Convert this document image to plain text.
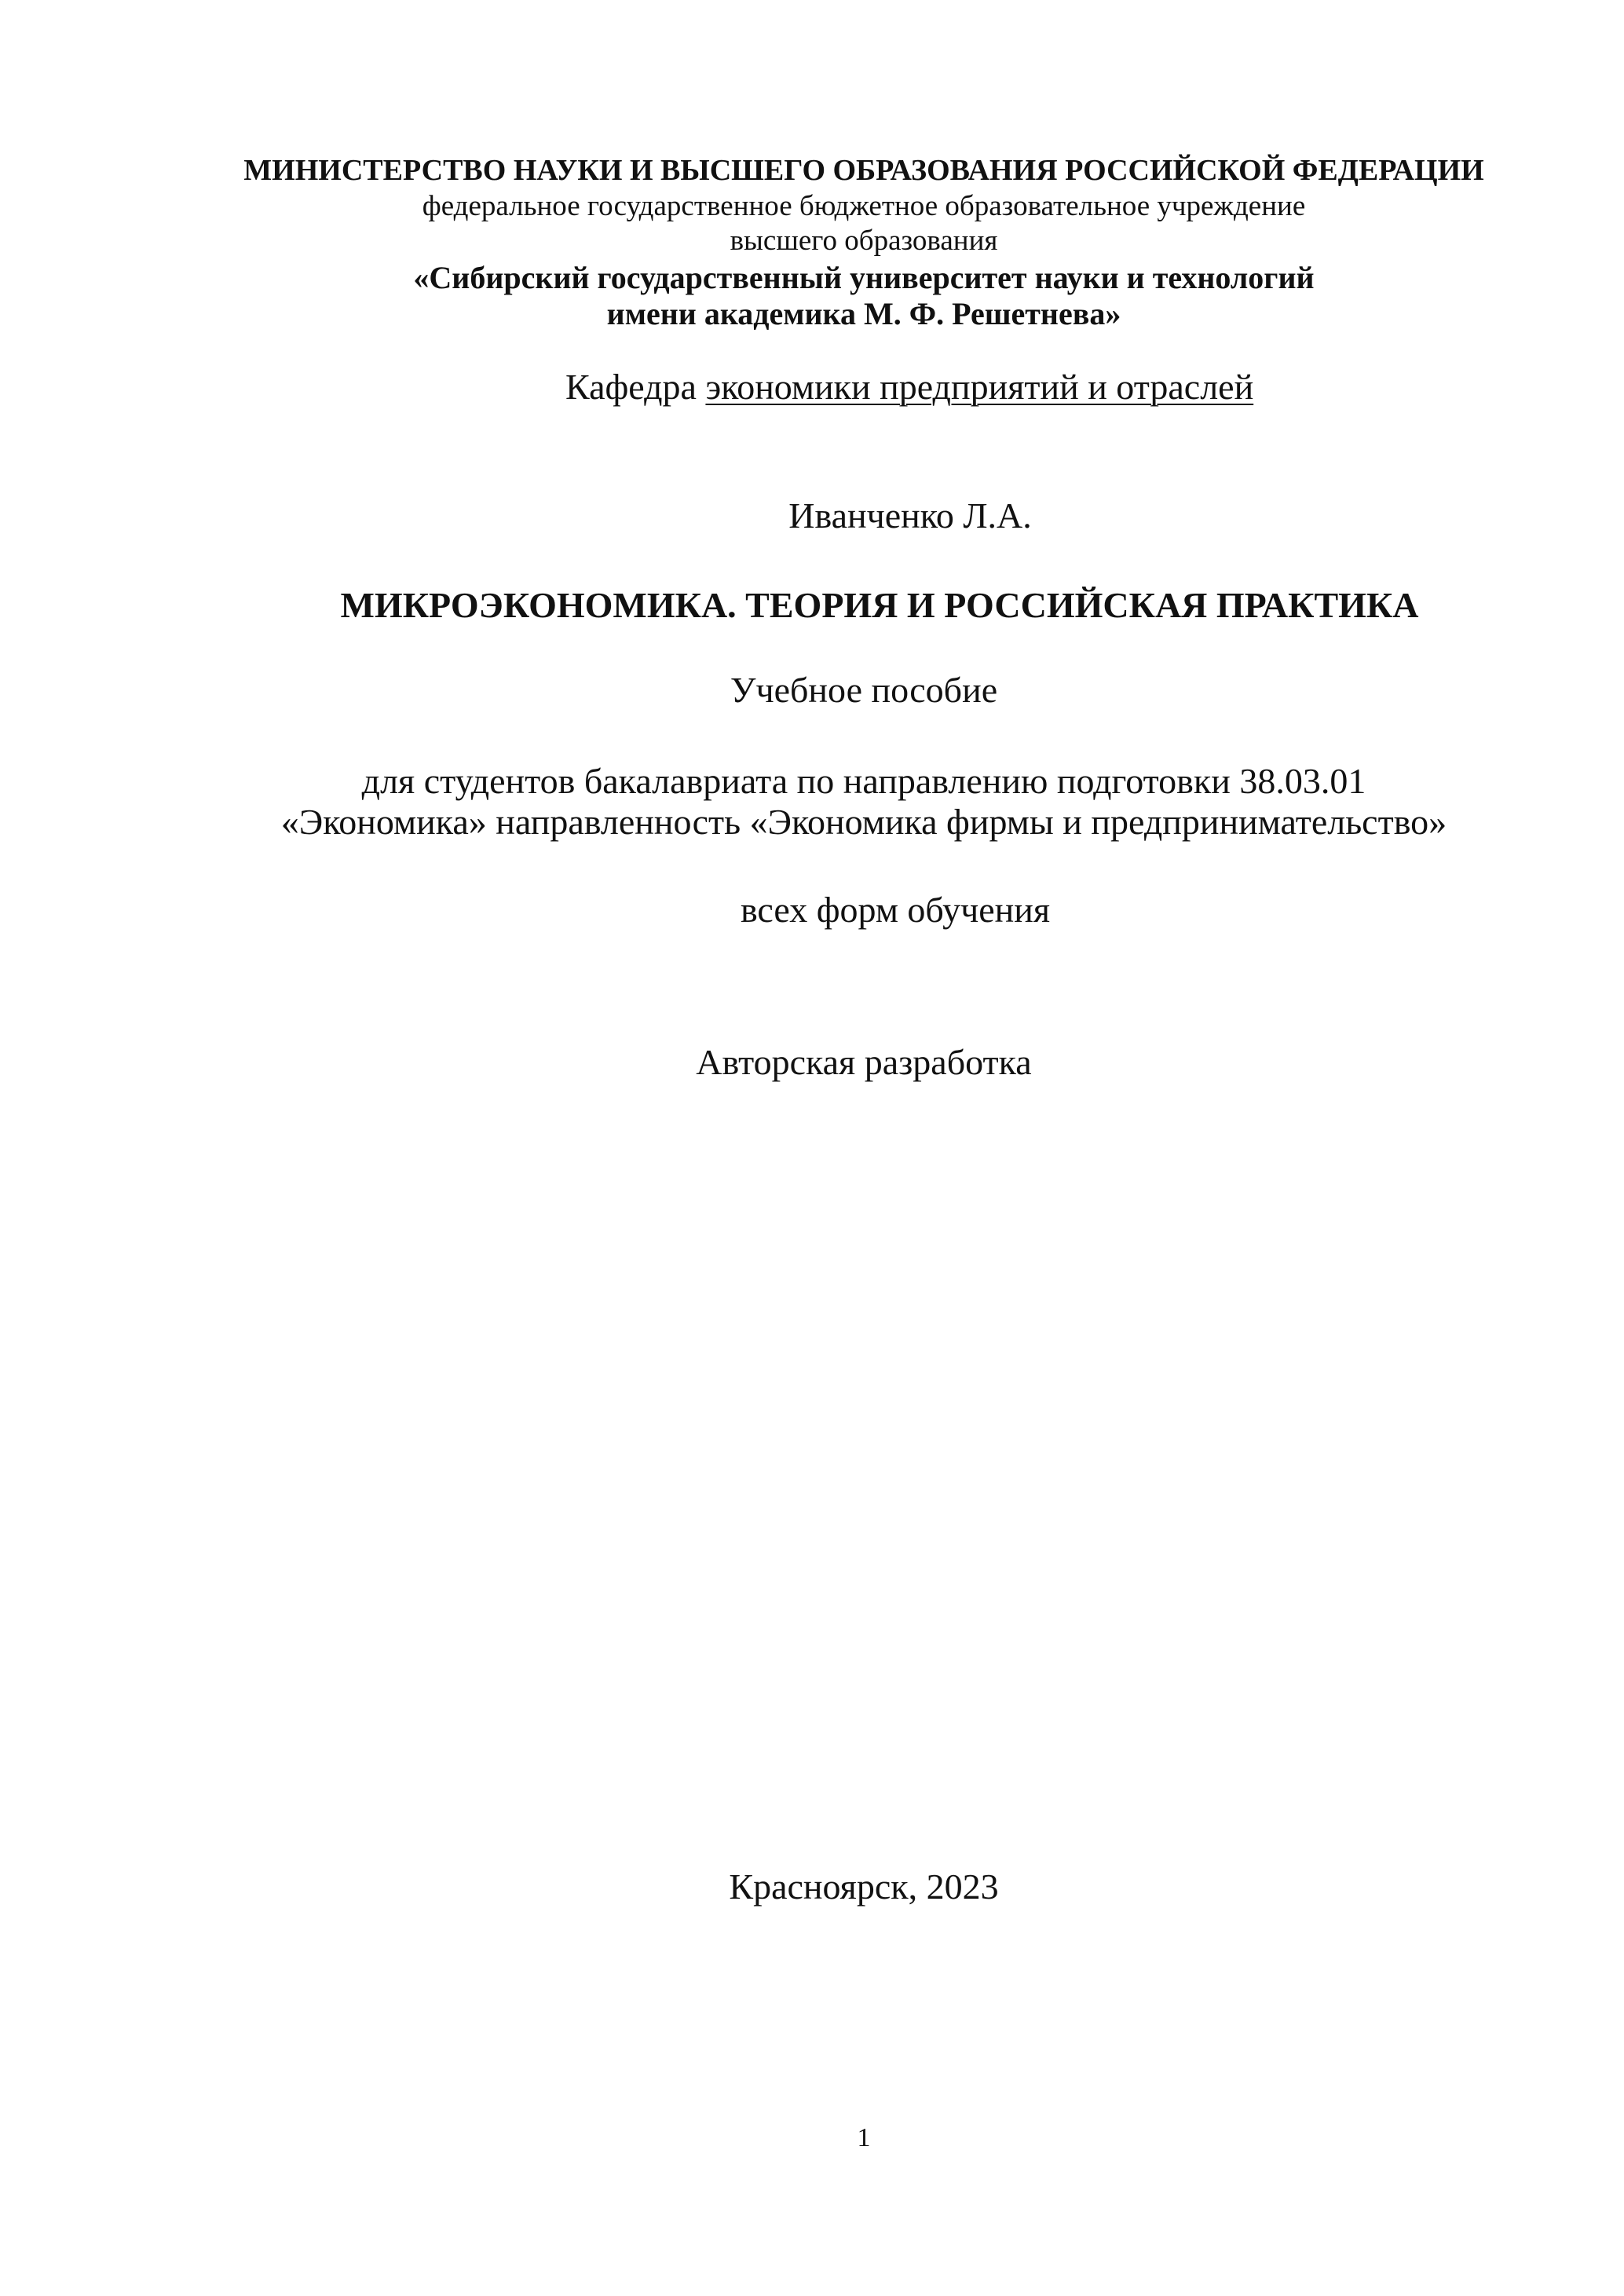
МИНИСТЕРСТВО НАУКИ И ВЫСШЕГО ОБРАЗОВАНИЯ РОССИЙСКОЙ ФЕДЕРАЦИИ
федеральное государственное бюджетное образовательное учреждение
высшего образования
«Сибирский государственный университет науки и технологий
имени академика М. Ф. Решетнева»
Кафедра экономики предприятий и отраслей
Иванченко Л.А.
МИКРОЭКОНОМИКА. ТЕОРИЯ И РОССИЙСКАЯ ПРАКТИКА
Учебное пособие
для студентов бакалавриата по направлению подготовки 38.03.01
«Экономика» направленность «Экономика фирмы и предпринимательство»
всех форм обучения
Авторская разработка
Красноярск, 2023
1
